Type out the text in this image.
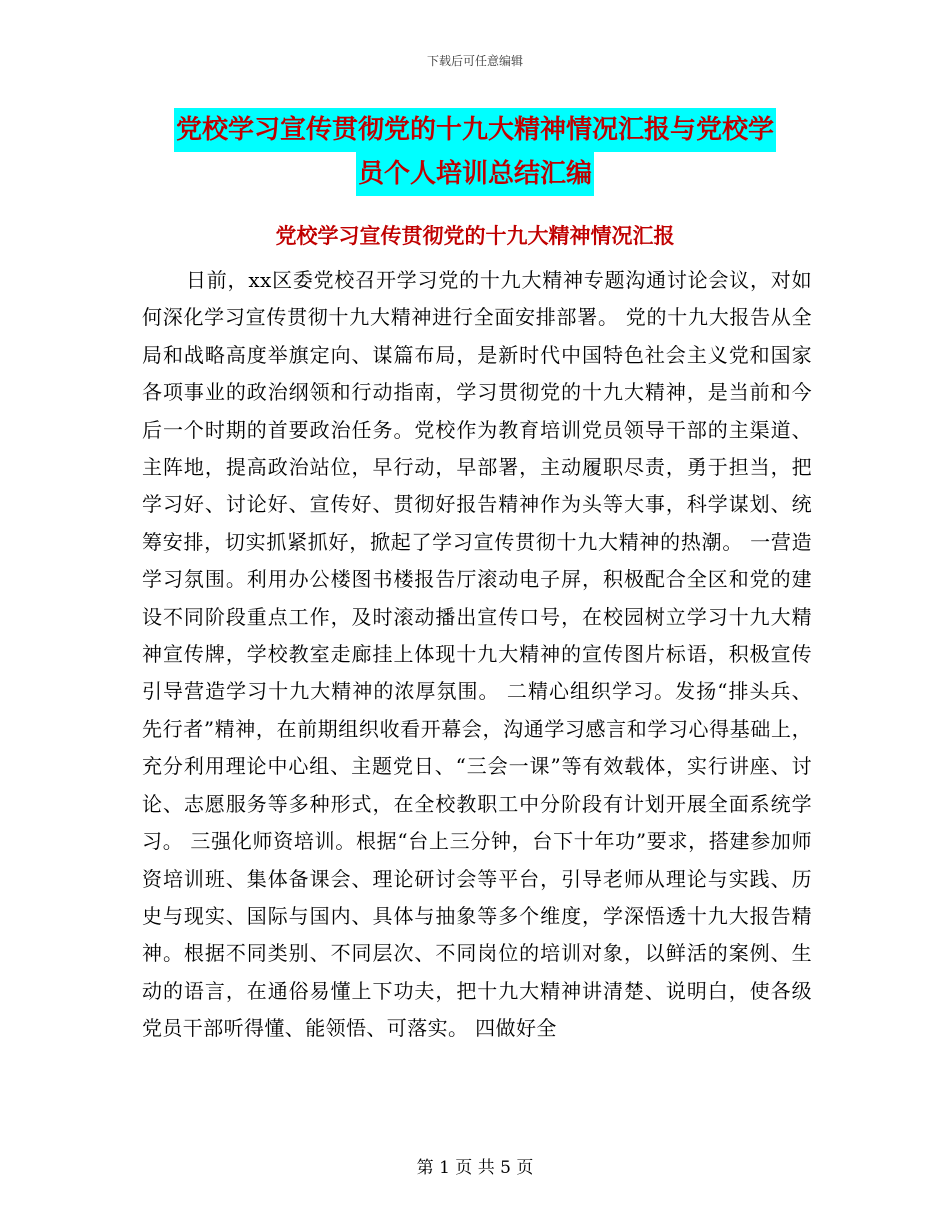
下载后可任意编辑
党校学习宣传贯彻党的十九大精神情况汇报与党校学
员个人培训总结汇编
党校学习宣传贯彻党的十九大精神情况汇报

日前，xx区委党校召开学习党的十九大精神专题沟通讨论会议，对如何深化学习宣传贯彻十九大精神进行全面安排部署。 党的十九大报告从全局和战略高度举旗定向、谋篇布局，是新时代中国特色社会主义党和国家各项事业的政治纲领和行动指南，学习贯彻党的十九大精神，是当前和今后一个时期的首要政治任务。党校作为教育培训党员领导干部的主渠道、主阵地，提高政治站位，早行动，早部署，主动履职尽责，勇于担当，把学习好、讨论好、宣传好、贯彻好报告精神作为头等大事，科学谋划、统筹安排，切实抓紧抓好，掀起了学习宣传贯彻十九大精神的热潮。 一营造学习氛围。利用办公楼图书楼报告厅滚动电子屏，积极配合全区和党的建设不同阶段重点工作，及时滚动播出宣传口号，在校园树立学习十九大精神宣传牌，学校教室走廊挂上体现十九大精神的宣传图片标语，积极宣传引导营造学习十九大精神的浓厚氛围。 二精心组织学习。发扬“排头兵、先行者”精神，在前期组织收看开幕会，沟通学习感言和学习心得基础上，充分利用理论中心组、主题党日、“三会一课”等有效载体，实行讲座、讨论、志愿服务等多种形式，在全校教职工中分阶段有计划开展全面系统学习。 三强化师资培训。根据“台上三分钟，台下十年功”要求，搭建参加师资培训班、集体备课会、理论研讨会等平台，引导老师从理论与实践、历史与现实、国际与国内、具体与抽象等多个维度，学深悟透十九大报告精神。根据不同类别、不同层次、不同岗位的培训对象，以鲜活的案例、生动的语言，在通俗易懂上下功夫，把十九大精神讲清楚、说明白，使各级党员干部听得懂、能领悟、可落实。 四做好全

第 1 页 共 5 页
